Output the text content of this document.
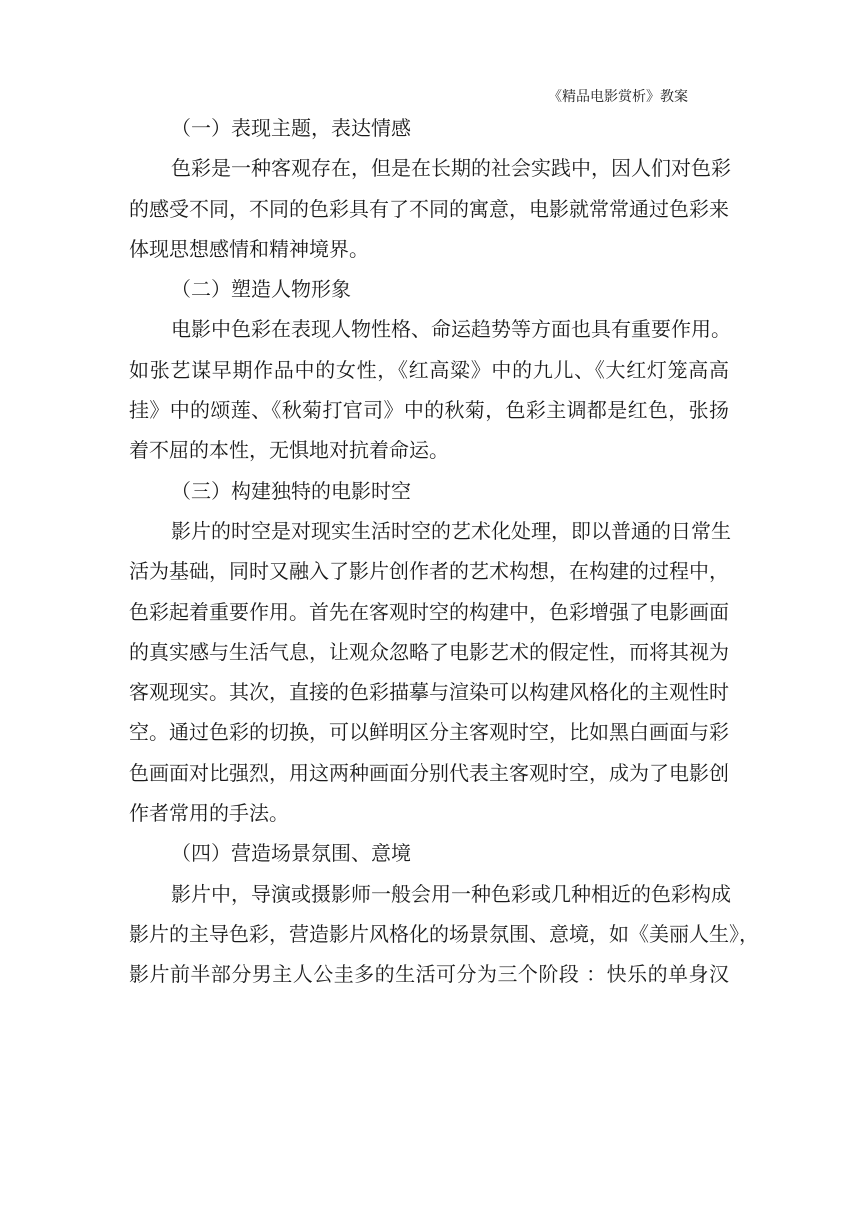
《精品电影赏析》教案
（一）表现主题，表达情感
色彩是一种客观存在，但是在长期的社会实践中，因人们对色彩
的感受不同，不同的色彩具有了不同的寓意，电影就常常通过色彩来
体现思想感情和精神境界。
（二）塑造人物形象
电影中色彩在表现人物性格、命运趋势等方面也具有重要作用。
如张艺谋早期作品中的女性，《红高粱》中的九儿、《大红灯笼高高
挂》中的颂莲、《秋菊打官司》中的秋菊，色彩主调都是红色，张扬
着不屈的本性，无惧地对抗着命运。
（三）构建独特的电影时空
影片的时空是对现实生活时空的艺术化处理，即以普通的日常生
活为基础，同时又融入了影片创作者的艺术构想，在构建的过程中，
色彩起着重要作用。首先在客观时空的构建中，色彩增强了电影画面
的真实感与生活气息，让观众忽略了电影艺术的假定性，而将其视为
客观现实。其次，直接的色彩描摹与渲染可以构建风格化的主观性时
空。通过色彩的切换，可以鲜明区分主客观时空，比如黑白画面与彩
色画面对比强烈，用这两种画面分别代表主客观时空，成为了电影创
作者常用的手法。
（四）营造场景氛围、意境
影片中，导演或摄影师一般会用一种色彩或几种相近的色彩构成
影片的主导色彩，营造影片风格化的场景氛围、意境，如《美丽人生》，
影片前半部分男主人公圭多的生活可分为三个阶段 ：快乐的单身汉
